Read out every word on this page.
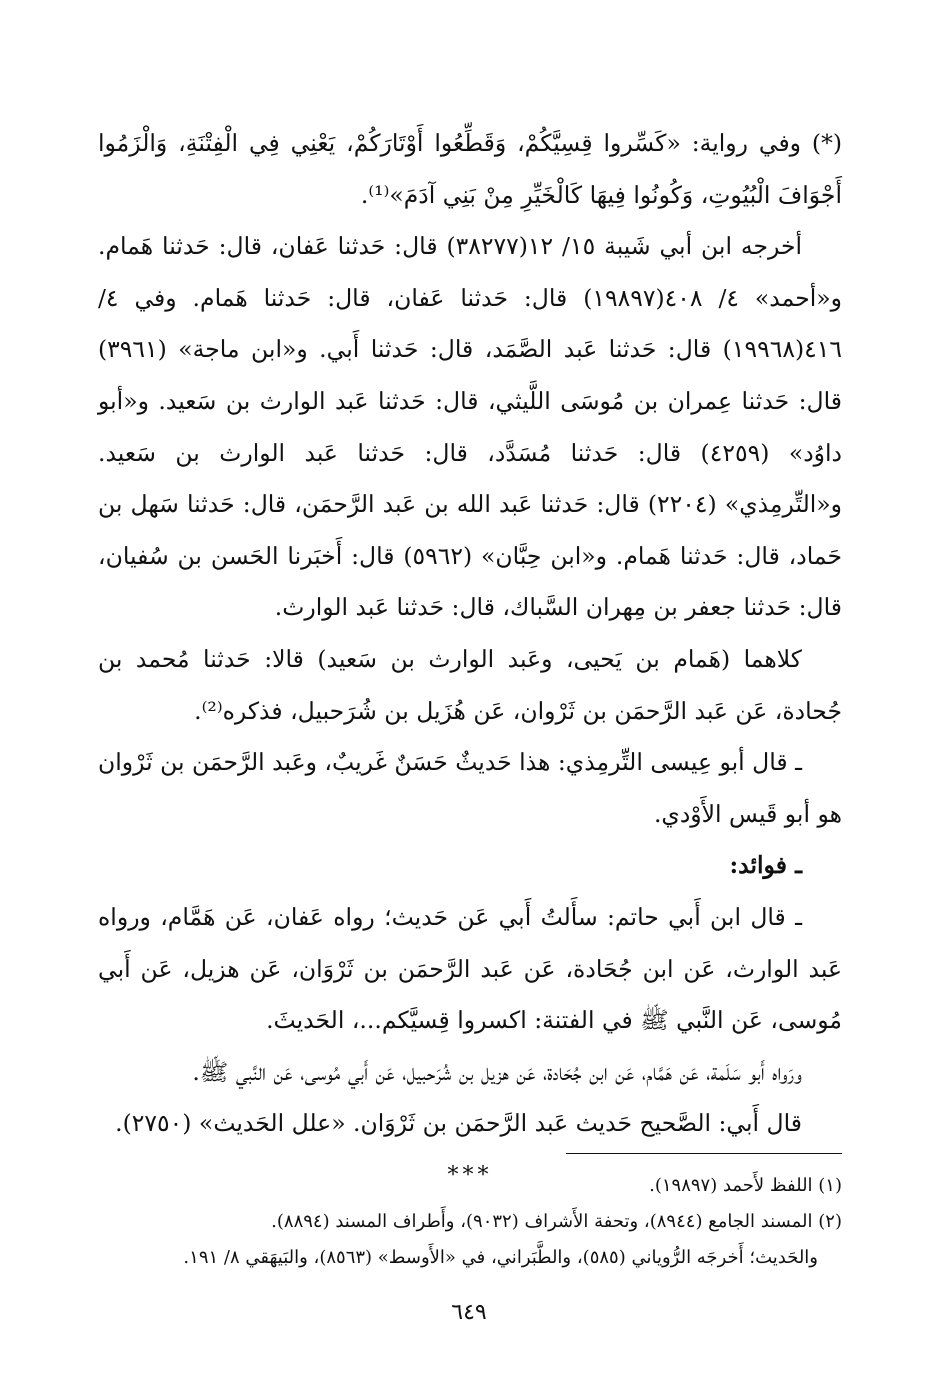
(*) وفي رواية: «كَسِّروا قِسِيَّكُمْ، وَقَطِّعُوا أَوْتَارَكُمْ، يَعْنِي فِي الْفِتْنَةِ، وَالْزَمُوا أَجْوَافَ الْبُيُوتِ، وَكُونُوا فِيهَا كَالْخَيِّرِ مِنْ بَنِي آدَمَ»⁽¹⁾.

أخرجه ابن أبي شَيبة ١٥/ ١٢(٣٨٢٧٧) قال: حَدثنا عَفان، قال: حَدثنا هَمام. و«أحمد» ٤/ ٤٠٨(١٩٨٩٧) قال: حَدثنا عَفان، قال: حَدثنا هَمام. وفي ٤/ ٤١٦(١٩٩٦٨) قال: حَدثنا عَبد الصَّمَد، قال: حَدثنا أَبي. و«ابن ماجة» (٣٩٦١) قال: حَدثنا عِمران بن مُوسَى اللَّيثي، قال: حَدثنا عَبد الوارث بن سَعيد. و«أبو داوُد» (٤٢٥٩) قال: حَدثنا مُسَدَّد، قال: حَدثنا عَبد الوارث بن سَعيد. و«التِّرمِذي» (٢٢٠٤) قال: حَدثنا عَبد الله بن عَبد الرَّحمَن، قال: حَدثنا سَهل بن حَماد، قال: حَدثنا هَمام. و«ابن حِبَّان» (٥٩٦٢) قال: أَخبَرنا الحَسن بن سُفيان، قال: حَدثنا جعفر بن مِهران السَّباك، قال: حَدثنا عَبد الوارث.

كلاهما (هَمام بن يَحيى، وعَبد الوارث بن سَعيد) قالا: حَدثنا مُحمد بن جُحادة، عَن عَبد الرَّحمَن بن ثَرْوان، عَن هُزَيل بن شُرَحبيل، فذكره⁽²⁾.

ـ قال أبو عِيسى التِّرمِذي: هذا حَديثٌ حَسَنٌ غَريبٌ، وعَبد الرَّحمَن بن ثَرْوان هو أبو قَيس الأَوْدي.

ـ فوائد:

ـ قال ابن أَبي حاتم: سأَلتُ أَبي عَن حَديث؛ رواه عَفان، عَن هَمَّام، ورواه عَبد الوارث، عَن ابن جُحَادة، عَن عَبد الرَّحمَن بن ثَرْوَان، عَن هزيل، عَن أَبي مُوسى، عَن النَّبي ﷺ في الفتنة: اكسروا قِسيَّكم...، الحَديثَ.

ورَواه أَبو سَلَمة، عَن هَمَّام، عَن ابن جُحَادة، عَن هزيل بن شُرَحبيل، عَن أَبي مُوسى، عَن النَّبي ﷺ.

قال أَبي: الصَّحيح حَديث عَبد الرَّحمَن بن ثَرْوَان. «علل الحَديث» (٢٧٥٠).

***	(١) اللفظ لأَحمد (١٩٨٩٧).

(٢) المسند الجامع (٨٩٤٤)، وتحفة الأَشراف (٩٠٣٢)، وأَطراف المسند (٨٨٩٤).

والحَديث؛ أَخرجَه الرُّوياني (٥٨٥)، والطَّبَراني، في «الأَوسط» (٨٥٦٣)، والبَيهَقي ٨/ ١٩١.

٦٤٩
